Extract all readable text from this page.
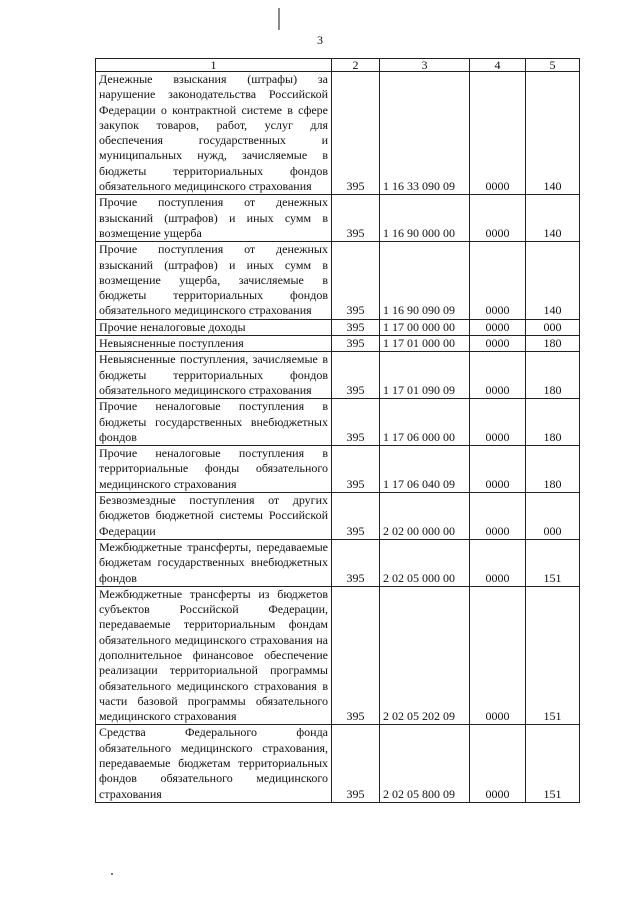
3
1	2	3	4	5
Денежные взыскания (штрафы) за нарушение законодательства Российской Федерации о контрактной системе в сфере закупок товаров, работ, услуг для обеспечения государственных и муниципальных нужд, зачисляемые в бюджеты территориальных фондов обязательного медицинского страхования	395	1 16 33 090 09	0000	140
Прочие поступления от денежных взысканий (штрафов) и иных сумм в возмещение ущерба	395	1 16 90 000 00	0000	140
Прочие поступления от денежных взысканий (штрафов) и иных сумм в возмещение ущерба, зачисляемые в бюджеты территориальных фондов обязательного медицинского страхования	395	1 16 90 090 09	0000	140
Прочие неналоговые доходы	395	1 17 00 000 00	0000	000
Невыясненные поступления	395	1 17 01 000 00	0000	180
Невыясненные поступления, зачисляемые в бюджеты территориальных фондов обязательного медицинского страхования	395	1 17 01 090 09	0000	180
Прочие неналоговые поступления в бюджеты государственных внебюджетных фондов	395	1 17 06 000 00	0000	180
Прочие неналоговые поступления в территориальные фонды обязательного медицинского страхования	395	1 17 06 040 09	0000	180
Безвозмездные поступления от других бюджетов бюджетной системы Российской Федерации	395	2 02 00 000 00	0000	000
Межбюджетные трансферты, передаваемые бюджетам государственных внебюджетных фондов	395	2 02 05 000 00	0000	151
Межбюджетные трансферты из бюджетов субъектов Российской Федерации, передаваемые территориальным фондам обязательного медицинского страхования на дополнительное финансовое обеспечение реализации территориальной программы обязательного медицинского страхования в части базовой программы обязательного медицинского страхования	395	2 02 05 202 09	0000	151
Средства Федерального фонда обязательного медицинского страхования, передаваемые бюджетам территориальных фондов обязательного медицинского страхования	395	2 02 05 800 09	0000	151
